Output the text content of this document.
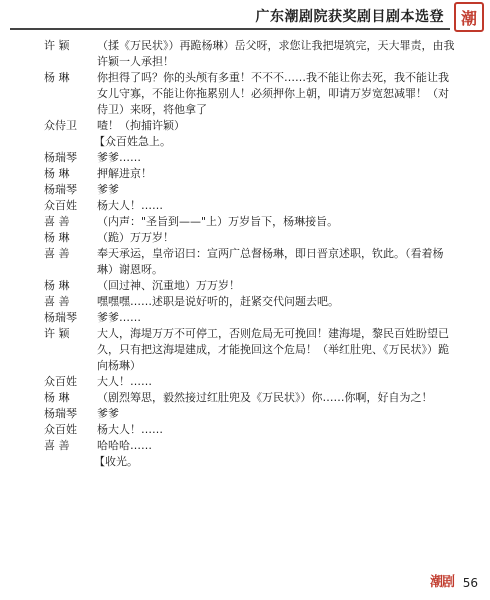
广东潮剧院获奖剧目剧本选登	潮
许 颖	（揉《万民状》）再跪杨琳）岳父呀，求您让我把堤筑完，天大罪责，由我许颖一人承担！
杨 琳	你担得了吗？你的头颅有多重！不不不……我不能让你去死，我不能让我女儿守寡，不能让你拖累别人！必须押你上朝，叩请万岁宽恕减罪！（对侍卫）来呀，将他拿了
众侍卫 喳！（拘捕许颖）
【众百姓急上。
杨瑞琴 爹爹……
杨 琳	押解进京！
杨瑞琴 爹爹
众百姓 杨大人！……
喜 善	（内声："圣旨到——"上）万岁旨下，杨琳接旨。
杨 琳	（跪）万万岁！
喜 善	奉天承运，皇帝诏曰：宣两广总督杨琳，即日晋京述职，钦此。（看着杨琳）谢恩呀。
杨 琳	（回过神、沉重地）万万岁！
喜 善	嘿嘿嘿……述职是说好听的，赶紧交代问题去吧。
杨瑞琴 爹爹……
许 颖	大人，海堤万万不可停工，否则危局无可挽回！建海堤，黎民百姓盼望已久，只有把这海堤建成，才能挽回这个危局！（举红肚兜、《万民状》）跪向杨琳）
众百姓 大人！……
杨 琳	（剧烈筹思，毅然接过红肚兜及《万民状》）你……你啊，好自为之！
杨瑞琴 爹爹
众百姓 杨大人！……
喜 善	哈哈哈……
【收光。
潮剧 56
